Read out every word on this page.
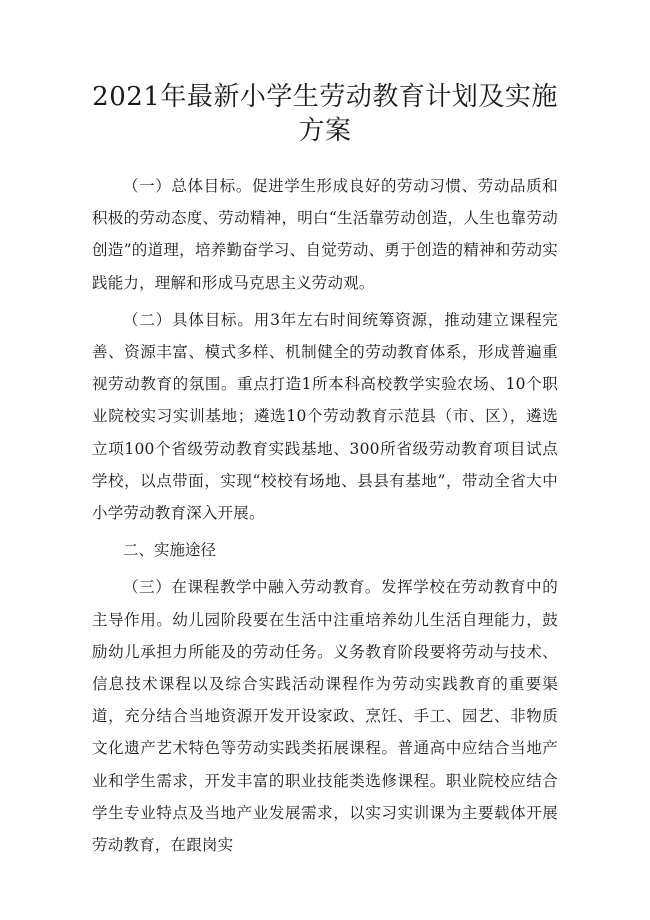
2021年最新小学生劳动教育计划及实施方案

（一）总体目标。促进学生形成良好的劳动习惯、劳动品质和积极的劳动态度、劳动精神，明白“生活靠劳动创造，人生也靠劳动创造”的道理，培养勤奋学习、自觉劳动、勇于创造的精神和劳动实践能力，理解和形成马克思主义劳动观。

（二）具体目标。用3年左右时间统筹资源，推动建立课程完善、资源丰富、模式多样、机制健全的劳动教育体系，形成普遍重视劳动教育的氛围。重点打造1所本科高校教学实验农场、10个职业院校实习实训基地；遴选10个劳动教育示范县（市、区），遴选立项100个省级劳动教育实践基地、300所省级劳动教育项目试点学校，以点带面，实现“校校有场地、县县有基地”，带动全省大中小学劳动教育深入开展。

二、实施途径

（三）在课程教学中融入劳动教育。发挥学校在劳动教育中的主导作用。幼儿园阶段要在生活中注重培养幼儿生活自理能力，鼓励幼儿承担力所能及的劳动任务。义务教育阶段要将劳动与技术、信息技术课程以及综合实践活动课程作为劳动实践教育的重要渠道，充分结合当地资源开发开设家政、烹饪、手工、园艺、非物质文化遗产艺术特色等劳动实践类拓展课程。普通高中应结合当地产业和学生需求，开发丰富的职业技能类选修课程。职业院校应结合学生专业特点及当地产业发展需求，以实习实训课为主要载体开展劳动教育，在跟岗实
